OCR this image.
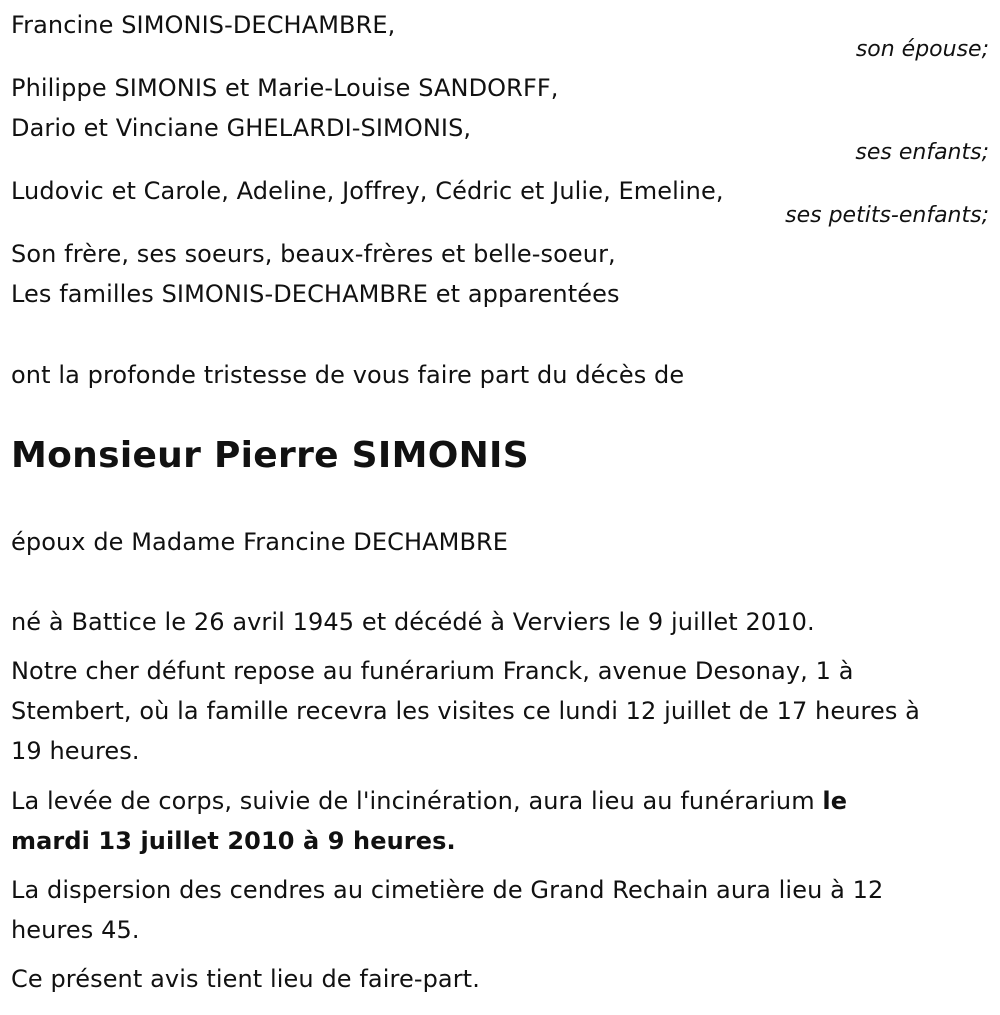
Francine SIMONIS-DECHAMBRE,
son épouse;
Philippe SIMONIS et Marie-Louise SANDORFF,
Dario et Vinciane GHELARDI-SIMONIS,
ses enfants;
Ludovic et Carole, Adeline, Joffrey, Cédric et Julie, Emeline,
ses petits-enfants;
Son frère, ses soeurs, beaux-frères et belle-soeur,
Les familles SIMONIS-DECHAMBRE et apparentées
ont la profonde tristesse de vous faire part du décès de
Monsieur Pierre SIMONIS
époux de Madame Francine DECHAMBRE
né à Battice le 26 avril 1945 et décédé à Verviers le 9 juillet 2010.
Notre cher défunt repose au funérarium Franck, avenue Desonay, 1 à
Stembert, où la famille recevra les visites ce lundi 12 juillet de 17 heures à
19 heures.
La levée de corps, suivie de l'incinération, aura lieu au funérarium le
mardi 13 juillet 2010 à 9 heures.
La dispersion des cendres au cimetière de Grand Rechain aura lieu à 12
heures 45.
Ce présent avis tient lieu de faire-part.
